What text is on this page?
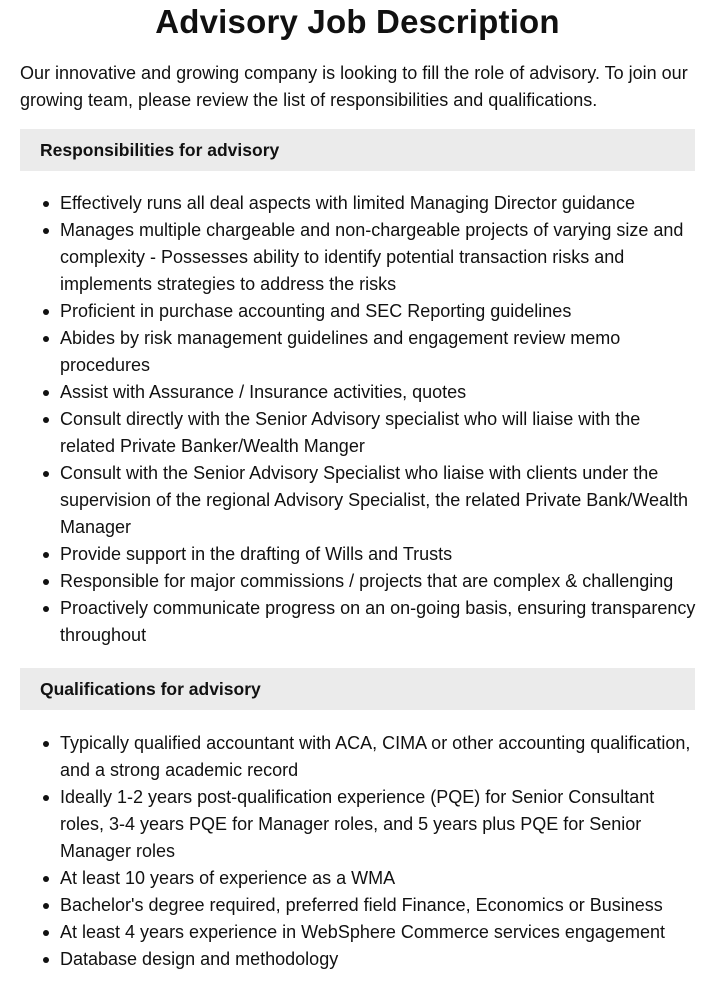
Advisory Job Description

Our innovative and growing company is looking to fill the role of advisory. To join our growing team, please review the list of responsibilities and qualifications.

Responsibilities for advisory
Effectively runs all deal aspects with limited Managing Director guidance
Manages multiple chargeable and non-chargeable projects of varying size and complexity - Possesses ability to identify potential transaction risks and implements strategies to address the risks
Proficient in purchase accounting and SEC Reporting guidelines
Abides by risk management guidelines and engagement review memo procedures
Assist with Assurance / Insurance activities, quotes
Consult directly with the Senior Advisory specialist who will liaise with the related Private Banker/Wealth Manger
Consult with the Senior Advisory Specialist who liaise with clients under the supervision of the regional Advisory Specialist, the related Private Bank/Wealth Manager
Provide support in the drafting of Wills and Trusts
Responsible for major commissions / projects that are complex & challenging
Proactively communicate progress on an on-going basis, ensuring transparency throughout
Qualifications for advisory
Typically qualified accountant with ACA, CIMA or other accounting qualification, and a strong academic record
Ideally 1-2 years post-qualification experience (PQE) for Senior Consultant roles, 3-4 years PQE for Manager roles, and 5 years plus PQE for Senior Manager roles
At least 10 years of experience as a WMA
Bachelor's degree required, preferred field Finance, Economics or Business
At least 4 years experience in WebSphere Commerce services engagement
Database design and methodology
